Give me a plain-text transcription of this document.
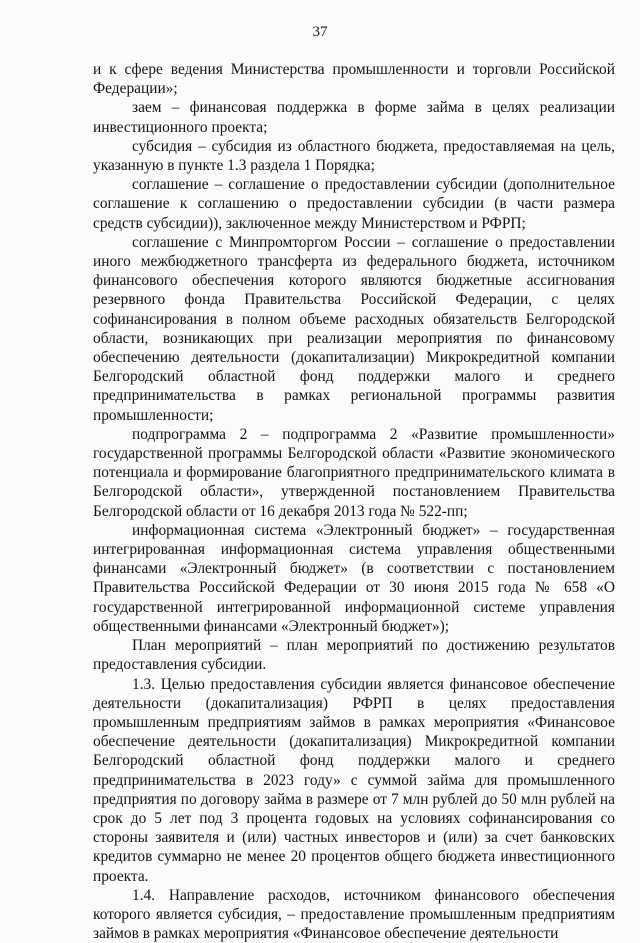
37

и к сфере ведения Министерства промышленности и торговли Российской Федерации»;

заем – финансовая поддержка в форме займа в целях реализации инвестиционного проекта;

субсидия – субсидия из областного бюджета, предоставляемая на цель, указанную в пункте 1.3 раздела 1 Порядка;

соглашение – соглашение о предоставлении субсидии (дополнительное соглашение к соглашению о предоставлении субсидии (в части размера средств субсидии)), заключенное между Министерством и РФРП;

соглашение с Минпромторгом России – соглашение о предоставлении иного межбюджетного трансферта из федерального бюджета, источником финансового обеспечения которого являются бюджетные ассигнования резервного фонда Правительства Российской Федерации, с целях софинансирования в полном объеме расходных обязательств Белгородской области, возникающих при реализации мероприятия по финансовому обеспечению деятельности (докапитализации) Микрокредитной компании Белгородский областной фонд поддержки малого и среднего предпринимательства в рамках региональной программы развития промышленности;

подпрограмма 2 – подпрограмма 2 «Развитие промышленности» государственной программы Белгородской области «Развитие экономического потенциала и формирование благоприятного предпринимательского климата в Белгородской области», утвержденной постановлением Правительства Белгородской области от 16 декабря 2013 года № 522-пп;

информационная система «Электронный бюджет» – государственная интегрированная информационная система управления общественными финансами «Электронный бюджет» (в соответствии с постановлением Правительства Российской Федерации от 30 июня 2015 года № 658 «О государственной интегрированной информационной системе управления общественными финансами «Электронный бюджет»);

План мероприятий – план мероприятий по достижению результатов предоставления субсидии.

1.3. Целью предоставления субсидии является финансовое обеспечение деятельности (докапитализация) РФРП в целях предоставления промышленным предприятиям займов в рамках мероприятия «Финансовое обеспечение деятельности (докапитализация) Микрокредитной компании Белгородский областной фонд поддержки малого и среднего предпринимательства в 2023 году» с суммой займа для промышленного предприятия по договору займа в размере от 7 млн рублей до 50 млн рублей на срок до 5 лет под 3 процента годовых на условиях софинансирования со стороны заявителя и (или) частных инвесторов и (или) за счет банковских кредитов суммарно не менее 20 процентов общего бюджета инвестиционного проекта.

1.4. Направление расходов, источником финансового обеспечения которого является субсидия, – предоставление промышленным предприятиям займов в рамках мероприятия «Финансовое обеспечение деятельности
